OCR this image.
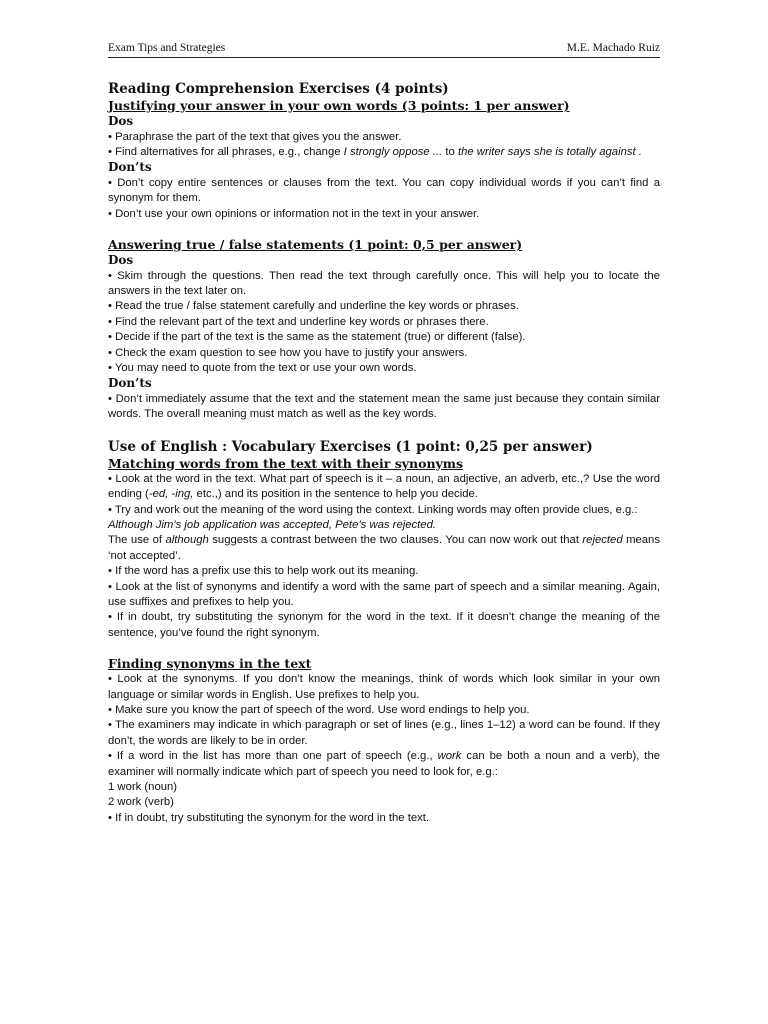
Exam Tips and Strategies	M.E. Machado Ruiz
Reading Comprehension Exercises (4 points)
Justifying your answer in your own words (3 points: 1 per answer)
Dos

• Paraphrase the part of the text that gives you the answer.

• Find alternatives for all phrases, e.g., change I strongly oppose ... to the writer says she is totally against .

Don’ts

• Don’t copy entire sentences or clauses from the text. You can copy individual words if you can’t find a synonym for them.

• Don’t use your own opinions or information not in the text in your answer.

Answering true / false statements (1 point: 0,5 per answer)
Dos

• Skim through the questions. Then read the text through carefully once. This will help you to locate the answers in the text later on.

• Read the true / false statement carefully and underline the key words or phrases.

• Find the relevant part of the text and underline key words or phrases there.

• Decide if the part of the text is the same as the statement (true) or different (false).

• Check the exam question to see how you have to justify your answers.

• You may need to quote from the text or use your own words.

Don’ts

• Don’t immediately assume that the text and the statement mean the same just because they contain similar words. The overall meaning must match as well as the key words.

Use of English : Vocabulary Exercises (1 point: 0,25 per answer)
Matching words from the text with their synonyms

• Look at the word in the text. What part of speech is it – a noun, an adjective, an adverb, etc.,? Use the word ending (-ed, -ing, etc.,) and its position in the sentence to help you decide.

• Try and work out the meaning of the word using the context. Linking words may often provide clues, e.g.:

Although Jim’s job application was accepted, Pete’s was rejected.

The use of although suggests a contrast between the two clauses. You can now work out that rejected means ‘not accepted’.

• If the word has a prefix use this to help work out its meaning.

• Look at the list of synonyms and identify a word with the same part of speech and a similar meaning. Again, use suffixes and prefixes to help you.

• If in doubt, try substituting the synonym for the word in the text. If it doesn’t change the meaning of the sentence, you’ve found the right synonym.

Finding synonyms in the text

• Look at the synonyms. If you don’t know the meanings, think of words which look similar in your own language or similar words in English. Use prefixes to help you.

• Make sure you know the part of speech of the word. Use word endings to help you.

• The examiners may indicate in which paragraph or set of lines (e.g., lines 1–12) a word can be found. If they don’t, the words are likely to be in order.

• If a word in the list has more than one part of speech (e.g., work can be both a noun and a verb), the examiner will normally indicate which part of speech you need to look for, e.g.:

1 work (noun)

2 work (verb)

• If in doubt, try substituting the synonym for the word in the text.
